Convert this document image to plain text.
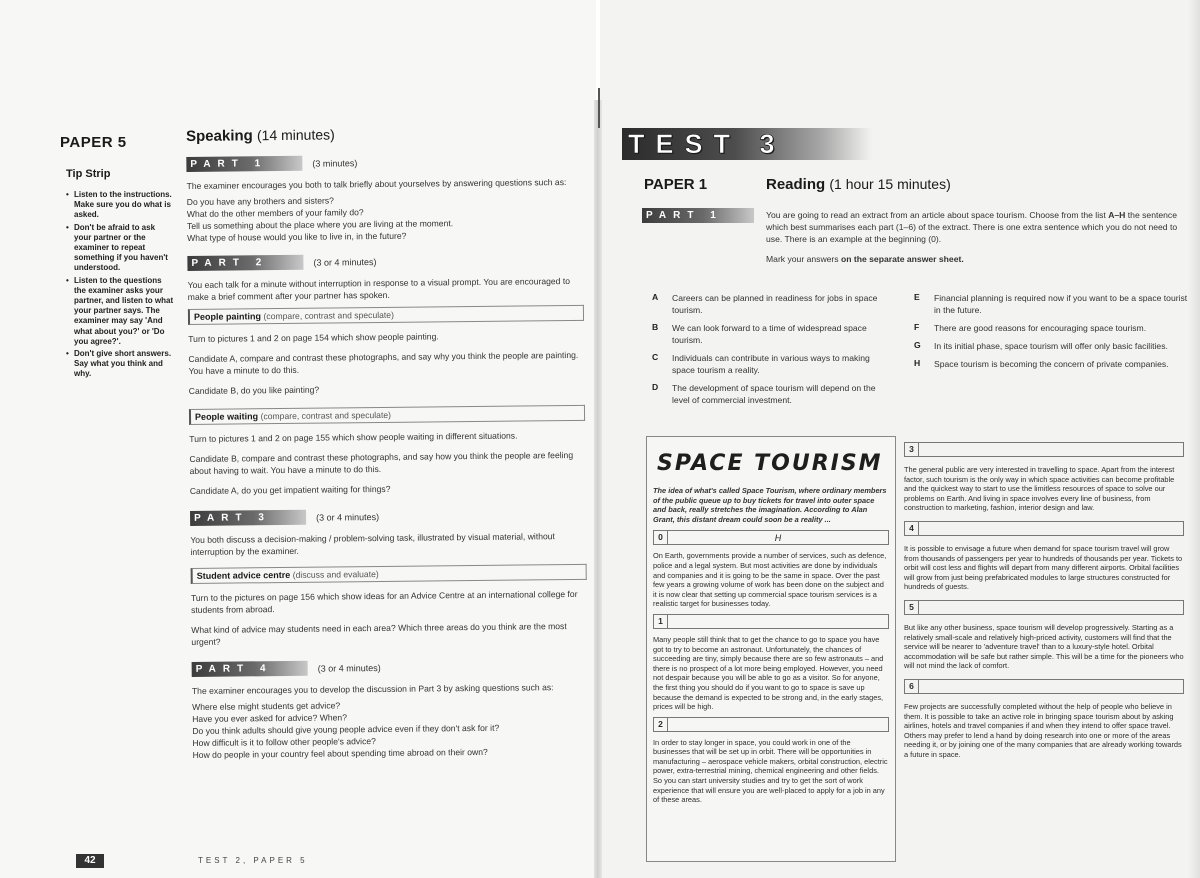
PAPER 5
Tip Strip
• Listen to the instructions. Make sure you do what is asked.
• Don't be afraid to ask your partner or the examiner to repeat something if you haven't understood.
• Listen to the questions the examiner asks your partner, and listen to what your partner says. The examiner may say 'And what about you?' or 'Do you agree?'.
• Don't give short answers. Say what you think and why.
Speaking (14 minutes)
PART 1	(3 minutes)

The examiner encourages you both to talk briefly about yourselves by answering questions such as:

Do you have any brothers and sisters?

What do the other members of your family do?

Tell us something about the place where you are living at the moment.

What type of house would you like to live in, in the future?

PART 2	(3 or 4 minutes)

You each talk for a minute without interruption in response to a visual prompt. You are encouraged to make a brief comment after your partner has spoken.

People painting (compare, contrast and speculate)

Turn to pictures 1 and 2 on page 154 which show people painting.

Candidate A, compare and contrast these photographs, and say why you think the people are painting. You have a minute to do this.

Candidate B, do you like painting?

People waiting (compare, contrast and speculate)

Turn to pictures 1 and 2 on page 155 which show people waiting in different situations.

Candidate B, compare and contrast these photographs, and say how you think the people are feeling about having to wait. You have a minute to do this.

Candidate A, do you get impatient waiting for things?

PART 3	(3 or 4 minutes)

You both discuss a decision-making / problem-solving task, illustrated by visual material, without interruption by the examiner.

Student advice centre (discuss and evaluate)

Turn to the pictures on page 156 which show ideas for an Advice Centre at an international college for students from abroad.

What kind of advice may students need in each area? Which three areas do you think are the most urgent?

PART 4	(3 or 4 minutes)

The examiner encourages you to develop the discussion in Part 3 by asking questions such as:

Where else might students get advice?

Have you ever asked for advice? When?

Do you think adults should give young people advice even if they don't ask for it?

How difficult is it to follow other people's advice?

How do people in your country feel about spending time abroad on their own?

42	TEST 2, PAPER 5
TEST 3
PAPER 1	Reading (1 hour 15 minutes)
PART 1	You are going to read an extract from an article about space tourism. Choose from the list A–H the sentence which best summarises each part (1–6) of the extract. There is one extra sentence which you do not need to use. There is an example at the beginning (0).

Mark your answers on the separate answer sheet.

A	Careers can be planned in readiness for jobs in space tourism.
B	We can look forward to a time of widespread space tourism.
C	Individuals can contribute in various ways to making space tourism a reality.
D	The development of space tourism will depend on the level of commercial investment.
E	Financial planning is required now if you want to be a space tourist in the future.
F	There are good reasons for encouraging space tourism.
G	In its initial phase, space tourism will offer only basic facilities.
H	Space tourism is becoming the concern of private companies.
SPACE TOURISM

The idea of what's called Space Tourism, where ordinary members of the public queue up to buy tickets for travel into outer space and back, really stretches the imagination. According to Alan Grant, this distant dream could soon be a reality ...

0	H

On Earth, governments provide a number of services, such as defence, police and a legal system. But most activities are done by individuals and companies and it is going to be the same in space. Over the past few years a growing volume of work has been done on the subject and it is now clear that setting up commercial space tourism services is a realistic target for businesses today.

1

Many people still think that to get the chance to go to space you have got to try to become an astronaut. Unfortunately, the chances of succeeding are tiny, simply because there are so few astronauts – and there is no prospect of a lot more being employed. However, you need not despair because you will be able to go as a visitor. So for anyone, the first thing you should do if you want to go to space is save up because the demand is expected to be strong and, in the early stages, prices will be high.

2

In order to stay longer in space, you could work in one of the businesses that will be set up in orbit. There will be opportunities in manufacturing – aerospace vehicle makers, orbital construction, electric power, extra-terrestrial mining, chemical engineering and other fields. So you can start university studies and try to get the sort of work experience that will ensure you are well-placed to apply for a job in any of these areas.

3

The general public are very interested in travelling to space. Apart from the interest factor, such tourism is the only way in which space activities can become profitable and the quickest way to start to use the limitless resources of space to solve our problems on Earth. And living in space involves every line of business, from construction to marketing, fashion, interior design and law.

4

It is possible to envisage a future when demand for space tourism travel will grow from thousands of passengers per year to hundreds of thousands per year. Tickets to orbit will cost less and flights will depart from many different airports. Orbital facilities will grow from just being prefabricated modules to large structures constructed for hundreds of guests.

5

But like any other business, space tourism will develop progressively. Starting as a relatively small-scale and relatively high-priced activity, customers will find that the service will be nearer to 'adventure travel' than to a luxury-style hotel. Orbital accommodation will be safe but rather simple. This will be a time for the pioneers who will not mind the lack of comfort.

6

Few projects are successfully completed without the help of people who believe in them. It is possible to take an active role in bringing space tourism about by asking airlines, hotels and travel companies if and when they intend to offer space travel. Others may prefer to lend a hand by doing research into one or more of the areas needing it, or by joining one of the many companies that are already working towards a future in space.
